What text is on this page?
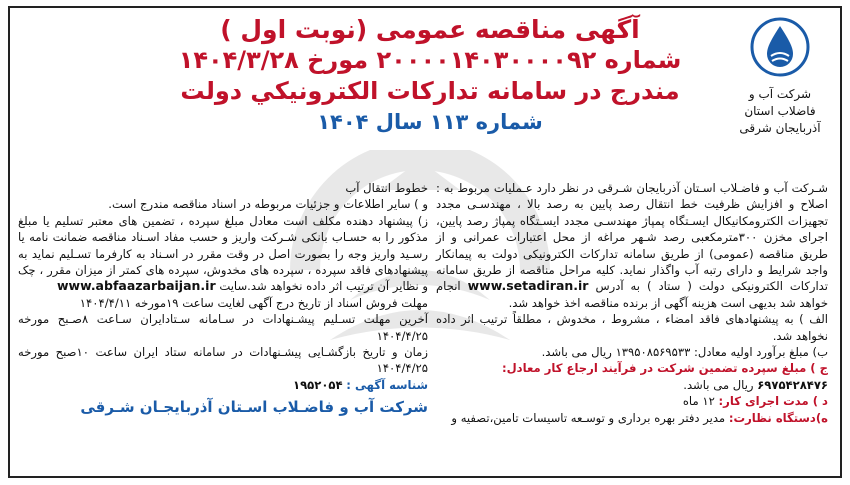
آگهی مناقصه عمومی (نوبت اول )
شماره ۲۰۰۰۰۱۴۰۳۰۰۰۰۹۲ مورخ ۱۴۰۴/۳/۲۸
مندرج در سامانه تدارکات الکترونیکي دولت
شماره ۱۱۳ سال ۱۴۰۴
شرکت آب و
فاضلاب استان
آذربایجان شرقی

شـرکت آب و فاضـلاب اسـتان آذربایجان شـرقی در نظر دارد عـملیات مربوط به : اصلاح و افزایش ظرفیت خط انتقال رصد پایین به رصد بالا ، مهندسـی مجدد تجهیزات الکترومکانیکال ایسـتگاه پمپاژ مهندسـی مجدد ایسـتگاه پمپاژ رصد پایین، اجرای مخزن ۳۰۰مترمکعبی رصد شـهر مراغه از محل اعتبارات عمرانی و از طریق مناقصه (عمومی) از طریق سامانه تدارکات الکترونیکی دولت به پیمانکار واجد شرایط و دارای رتبه آب واگذار نماید. کلیه مراحل مناقصه از طریق سامانه تدارکات الکترونیکی دولت ( ستاد ) به آدرس www.setadiran.ir انجام خواهد شد بدیهی است هزینه آگهی از برنده مناقصه اخذ خواهد شد.

الف ) به پیشنهادهای فاقد امضاء ، مشروط ، مخدوش ، مطلقاً ترتیب اثر داده نخواهد شد.

ب) مبلغ برآورد اولیه معادل: ۱۳۹۵۰۸۵۶۹۵۳۳ ریال می باشد.

ج ) مبلغ سپرده تضمین شرکت در فرآیند ارجاع کار معادل:
۶۹۷۵۴۲۸۴۷۶ ریال می باشد.

د ) مدت اجرای کار: ۱۲ ماه

ه)دستگاه نظارت: مدیر دفتر بهره برداری و توسـعه تاسیسات تامین،تصفیه و

خطوط انتقال آب

و ) سایر اطلاعات و جزئیات مربوطه در اسناد مناقصه مندرج است.

ز) پیشنهاد دهنده مکلف است معادل مبلغ سپرده ، تضمین های معتبر تسلیم یا مبلغ مذکور را به حسـاب بانکی شـرکت واریز و حسب مفاد اسـناد مناقصه ضمانت نامه یا رسـید واریز وجه را بصورت اصل در وقت مقرر در اسـناد به کارفرما تسـلیم نماید به پیشنهادهای فاقد سپرده ، سپرده های مخدوش، سپرده های کمتر از میزان مقرر ، چک و نظایر آن ترتیب اثر داده نخواهد شد.سایت www.abfaazarbaijan.ir

مهلت فروش اسناد از تاریخ درج آگهی لغایت ساعت ۱۹مورخه ۱۴۰۴/۴/۱۱

آخرین مهلت تسـلیم پیشـنهادات در سـامانه سـتادایران سـاعت ۸صـبح مورخه ۱۴۰۴/۴/۲۵

زمان و تاریخ بازگشـایی پیشـنهادات در سامانه ستاد ایران ساعت ۱۰صبح مورخه ۱۴۰۴/۴/۲۵

شناسه آگهی : ۱۹۵۲۰۵۴

شرکت آب و فاضـلاب اسـتان آذربایجـان شـرقی
